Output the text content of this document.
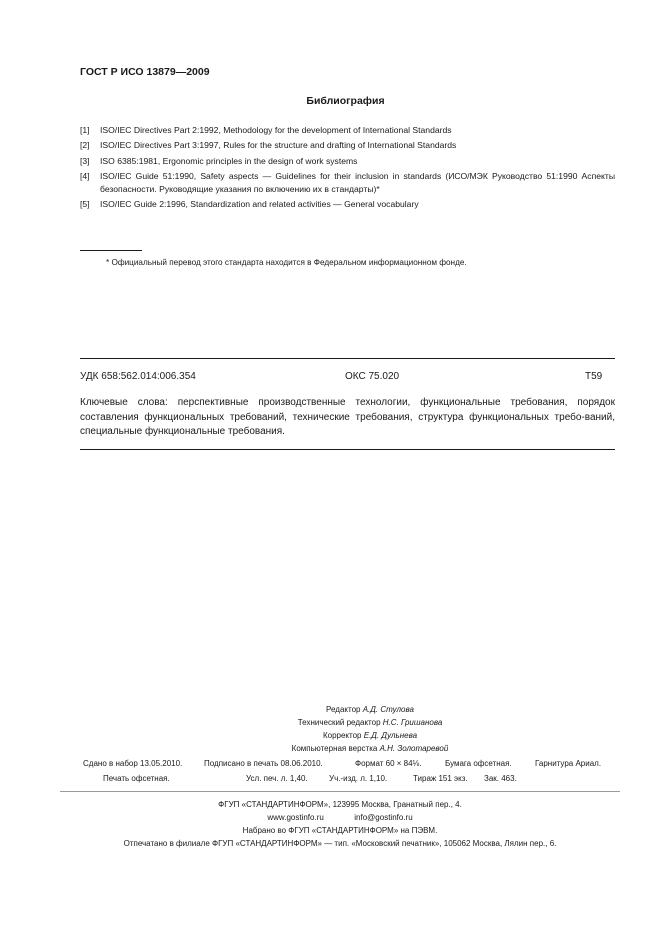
ГОСТ Р ИСО 13879—2009
Библиография
[1]	ISO/IEC Directives Part 2:1992, Methodology for the development of International Standards
[2]	ISO/IEC Directives Part 3:1997, Rules for the structure and drafting of International Standards
[3]	ISO 6385:1981, Ergonomic principles in the design of work systems
[4]	ISO/IEC Guide 51:1990, Safety aspects — Guidelines for their inclusion in standards (ИСО/МЭК Руководство 51:1990 Аспекты безопасности. Руководящие указания по включению их в стандарты)*
[5]	ISO/IEC Guide 2:1996, Standardization and related activities — General vocabulary
* Официальный перевод этого стандарта находится в Федеральном информационном фонде.
УДК 658:562.014:006.354	ОКС 75.020	Т59
Ключевые слова: перспективные производственные технологии, функциональные требования, порядок составления функциональных требований, технические требования, структура функциональных требо-ваний, специальные функциональные требования.
Редактор А.Д. Стулова
Технический редактор Н.С. Гришанова
Корректор Е.Д. Дульнева
Компьютерная верстка А.Н. Золотаревой
Сдано в набор 13.05.2010.	Подписано в печать 08.06.2010.	Формат 60 × 84⅛.	Бумага офсетная.	Гарнитура Ариал.
Печать офсетная.	Усл. печ. л. 1,40.	Уч.-изд. л. 1,10.	Тираж 151 экз. Зак. 463.
ФГУП «СТАНДАРТИНФОРМ», 123995 Москва, Гранатный пер., 4.
www.gostinfo.ru	info@gostinfo.ru
Набрано во ФГУП «СТАНДАРТИНФОРМ» на ПЭВМ.
Отпечатано в филиале ФГУП «СТАНДАРТИНФОРМ» — тип. «Московский печатник», 105062 Москва, Лялин пер., 6.
